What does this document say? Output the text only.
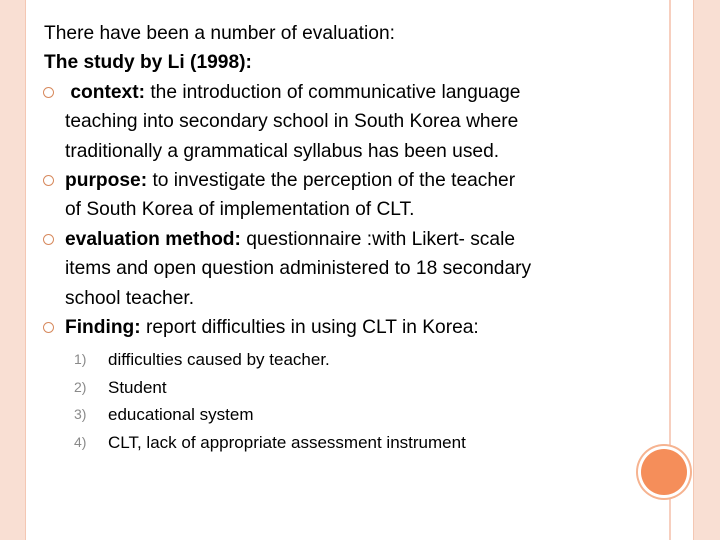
There have been a number of evaluation:
The study by Li (1998):
context: the introduction of communicative language
teaching into secondary school in South Korea where
traditionally a grammatical syllabus has been used.
purpose: to investigate the perception of the teacher
of South Korea of implementation of CLT.
evaluation method: questionnaire :with Likert- scale
items and open question administered to 18 secondary
school teacher.
Finding: report difficulties in using CLT in Korea:
1) difficulties caused by teacher.
2) Student
3) educational system
4) CLT, lack of appropriate assessment instrument
